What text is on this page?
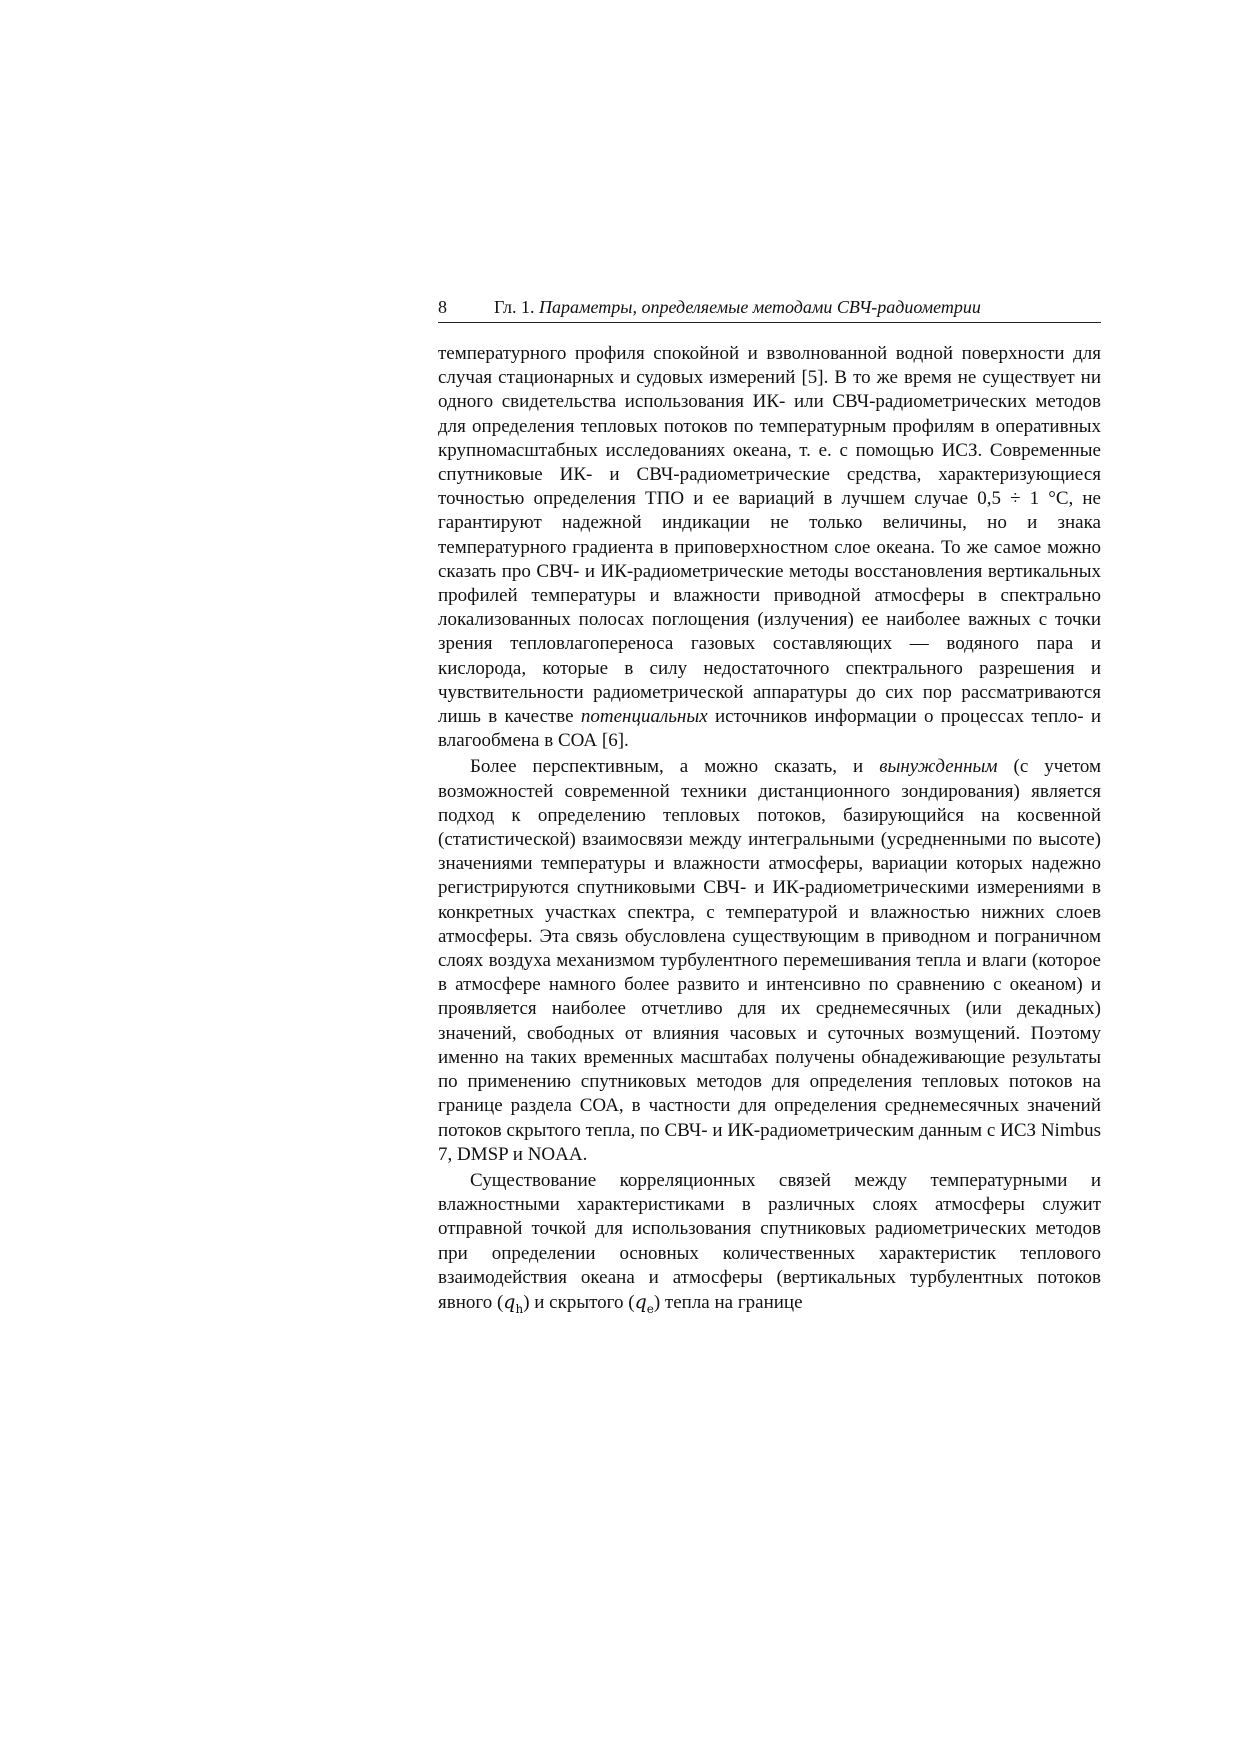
8	Гл. 1. Параметры, определяемые методами СВЧ-радиометрии

температурного профиля спокойной и взволнованной водной поверхности для случая стационарных и судовых измерений [5]. В то же время не существует ни одного свидетельства использования ИК- или СВЧ-радиометрических методов для определения тепловых потоков по температурным профилям в оперативных крупномасштабных исследованиях океана, т. е. с помощью ИСЗ. Современные спутниковые ИК- и СВЧ-радиометрические средства, характеризующиеся точностью определения ТПО и ее вариаций в лучшем случае 0,5 ÷ 1 °С, не гарантируют надежной индикации не только величины, но и знака температурного градиента в приповерхностном слое океана. То же самое можно сказать про СВЧ- и ИК-радиометрические методы восстановления вертикальных профилей температуры и влажности приводной атмосферы в спектрально локализованных полосах поглощения (излучения) ее наиболее важных с точки зрения тепловлагопереноса газовых составляющих — водяного пара и кислорода, которые в силу недостаточного спектрального разрешения и чувствительности радиометрической аппаратуры до сих пор рассматриваются лишь в качестве потенциальных источников информации о процессах тепло- и влагообмена в СОА [6].

Более перспективным, а можно сказать, и вынужденным (с учетом возможностей современной техники дистанционного зондирования) является подход к определению тепловых потоков, базирующийся на косвенной (статистической) взаимосвязи между интегральными (усредненными по высоте) значениями температуры и влажности атмосферы, вариации которых надежно регистрируются спутниковыми СВЧ- и ИК-радиометрическими измерениями в конкретных участках спектра, с температурой и влажностью нижних слоев атмосферы. Эта связь обусловлена существующим в приводном и пограничном слоях воздуха механизмом турбулентного перемешивания тепла и влаги (которое в атмосфере намного более развито и интенсивно по сравнению с океаном) и проявляется наиболее отчетливо для их среднемесячных (или декадных) значений, свободных от влияния часовых и суточных возмущений. Поэтому именно на таких временных масштабах получены обнадеживающие результаты по применению спутниковых методов для определения тепловых потоков на границе раздела СОА, в частности для определения среднемесячных значений потоков скрытого тепла, по СВЧ- и ИК-радиометрическим данным с ИСЗ Nimbus 7, DMSP и NOAA.

Существование корреляционных связей между температурными и влажностными характеристиками в различных слоях атмосферы служит отправной точкой для использования спутниковых радиометрических методов при определении основных количественных характеристик теплового взаимодействия океана и атмосферы (вертикальных турбулентных потоков явного $(q_h)$ и скрытого $(q_e)$ тепла на границе
